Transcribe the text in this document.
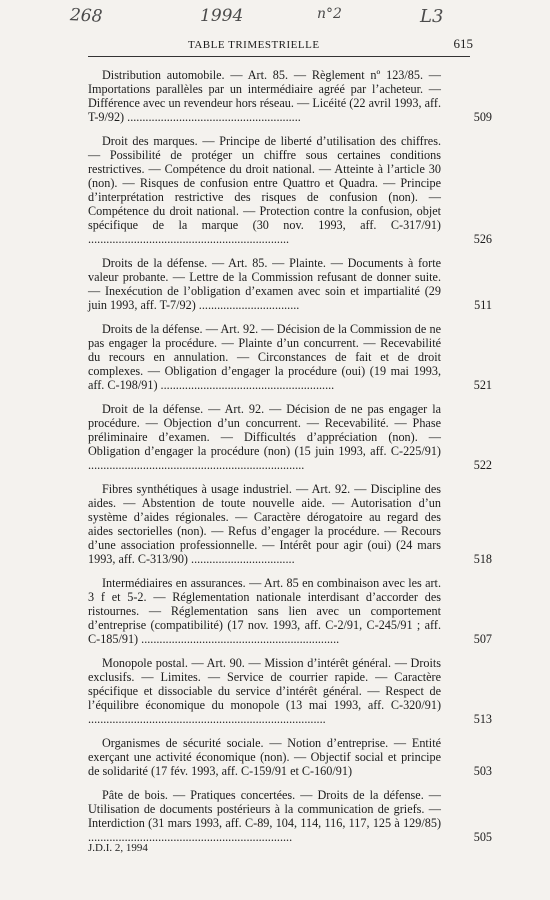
268	1994	n°2	L3
TABLE TRIMESTRIELLE	615
Distribution automobile. — Art. 85. — Règlement nº 123/85. — Importations parallèles par un intermédiaire agréé par l’acheteur. — Différence avec un revendeur hors réseau. — Licéité (22 avril 1993, aff. T-9/92) .........................................................	509
Droit des marques. — Principe de liberté d’utilisation des chiffres. — Possibilité de protéger un chiffre sous certaines conditions restrictives. — Compétence du droit national. — Atteinte à l’article 30 (non). — Risques de confusion entre Quattro et Quadra. — Principe d’interprétation restrictive des risques de confusion (non). — Compétence du droit national. — Protection contre la confusion, objet spécifique de la marque (30 nov. 1993, aff. C-317/91) ..................................................................	526
Droits de la défense. — Art. 85. — Plainte. — Documents à forte valeur probante. — Lettre de la Commission refusant de donner suite. — Inexécution de l’obligation d’examen avec soin et impartialité (29 juin 1993, aff. T-7/92) .................................	511
Droits de la défense. — Art. 92. — Décision de la Commission de ne pas engager la procédure. — Plainte d’un concurrent. — Recevabilité du recours en annulation. — Circonstances de fait et de droit complexes. — Obligation d’engager la procédure (oui) (19 mai 1993, aff. C-198/91) .........................................................	521
Droit de la défense. — Art. 92. — Décision de ne pas engager la procédure. — Objection d’un concurrent. — Recevabilité. — Phase préliminaire d’examen. — Difficultés d’appréciation (non). — Obligation d’engager la procédure (non) (15 juin 1993, aff. C-225/91) .......................................................................	522
Fibres synthétiques à usage industriel. — Art. 92. — Discipline des aides. — Abstention de toute nouvelle aide. — Autorisation d’un système d’aides régionales. — Caractère dérogatoire au regard des aides sectorielles (non). — Refus d’engager la procédure. — Recours d’une association professionnelle. — Intérêt pour agir (oui) (24 mars 1993, aff. C-313/90) ..................................	518
Intermédiaires en assurances. — Art. 85 en combinaison avec les art. 3 f et 5-2. — Réglementation nationale interdisant d’accorder des ristournes. — Réglementation sans lien avec un comportement d’entreprise (compatibilité) (17 nov. 1993, aff. C-2/91, C-245/91 ; aff. C-185/91) .................................................................	507
Monopole postal. — Art. 90. — Mission d’intérêt général. — Droits exclusifs. — Limites. — Service de courrier rapide. — Caractère spécifique et dissociable du service d’intérêt général. — Respect de l’équilibre économique du monopole (13 mai 1993, aff. C-320/91) ..............................................................................	513
Organismes de sécurité sociale. — Notion d’entreprise. — Entité exerçant une activité économique (non). — Objectif social et principe de solidarité (17 fév. 1993, aff. C-159/91 et C-160/91)	503
Pâte de bois. — Pratiques concertées. — Droits de la défense. — Utilisation de documents postérieurs à la communication de griefs. — Interdiction (31 mars 1993, aff. C-89, 104, 114, 116, 117, 125 à 129/85) ...................................................................	505
J.D.I. 2, 1994
